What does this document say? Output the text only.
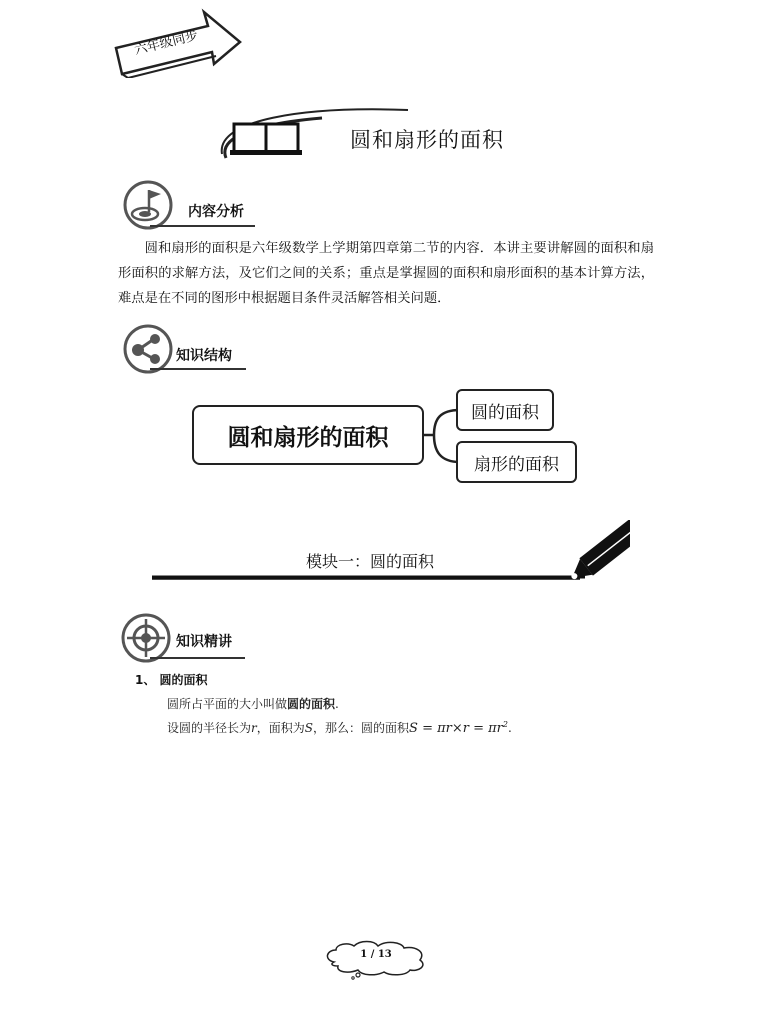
六年级同步
圆和扇形的面积
内容分析
圆和扇形的面积是六年级数学上学期第四章第二节的内容．本讲主要讲解圆的面积和扇形面积的求解方法，及它们之间的关系；重点是掌握圆的面积和扇形面积的基本计算方法，难点是在不同的图形中根据题目条件灵活解答相关问题．
知识结构
圆和扇形的面积
圆的面积
扇形的面积
模块一：圆的面积
知识精讲
1、 圆的面积
圆所占平面的大小叫做圆的面积.
设圆的半径长为r，面积为S，那么：圆的面积$S = \pi r\times r = \pi r^2$.
1 / 13
